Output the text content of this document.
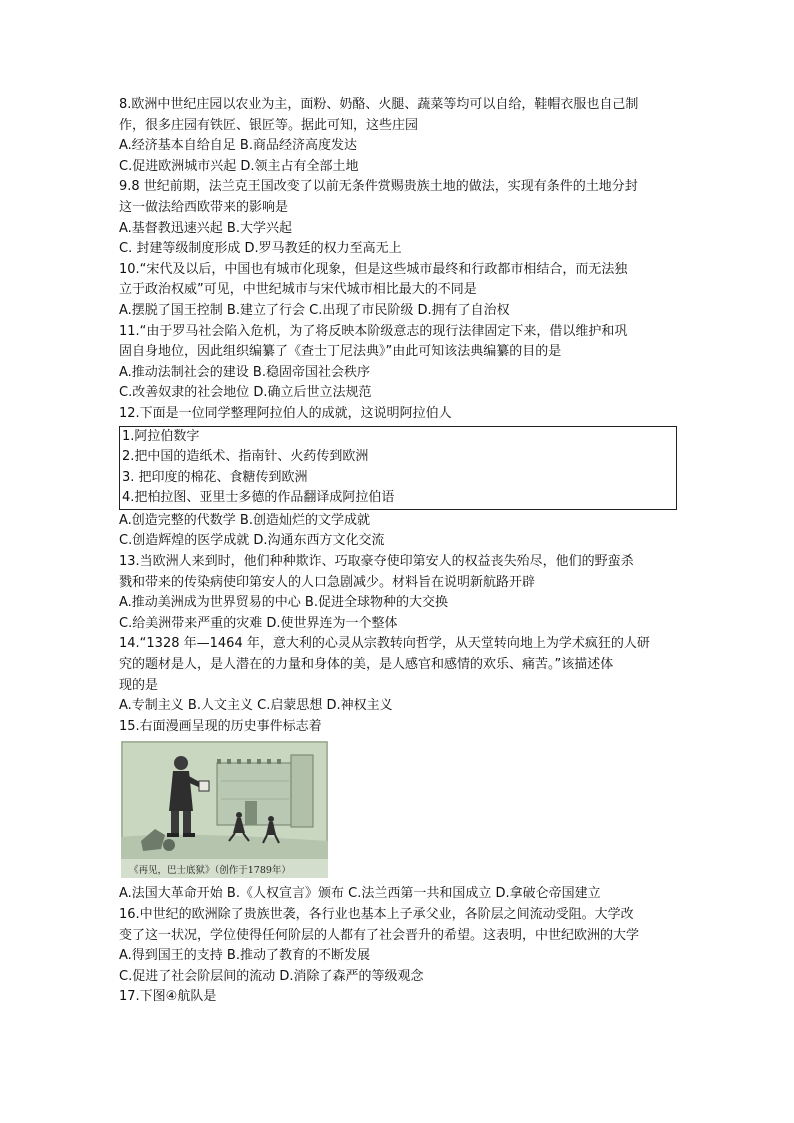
8.欧洲中世纪庄园以农业为主，面粉、奶酪、火腿、蔬菜等均可以自给，鞋帽衣服也自己制

作，很多庄园有铁匠、银匠等。据此可知，这些庄园

A.经济基本自给自足 B.商品经济高度发达

C.促进欧洲城市兴起 D.领主占有全部土地

9.8 世纪前期，法兰克王国改变了以前无条件赏赐贵族土地的做法，实现有条件的土地分封

这一做法给西欧带来的影响是

A.基督教迅速兴起 B.大学兴起

C. 封建等级制度形成 D.罗马教廷的权力至高无上

10.“宋代及以后，中国也有城市化现象，但是这些城市最终和行政都市相结合，而无法独

立于政治权威”可见，中世纪城市与宋代城市相比最大的不同是

A.摆脱了国王控制 B.建立了行会 C.出现了市民阶级 D.拥有了自治权

11.“由于罗马社会陷入危机，为了将反映本阶级意志的现行法律固定下来，借以维护和巩

固自身地位，因此组织编纂了《查士丁尼法典》”由此可知该法典编纂的目的是

A.推动法制社会的建设 B.稳固帝国社会秩序

C.改善奴隶的社会地位 D.确立后世立法规范

12.下面是一位同学整理阿拉伯人的成就，这说明阿拉伯人

1.阿拉伯数字

2.把中国的造纸术、指南针、火药传到欧洲

3. 把印度的棉花、食糖传到欧洲

4.把柏拉图、亚里士多德的作品翻译成阿拉伯语

A.创造完整的代数学 B.创造灿烂的文学成就

C.创造辉煌的医学成就 D.沟通东西方文化交流

13.当欧洲人来到时，他们种种欺诈、巧取豪夺使印第安人的权益丧失殆尽，他们的野蛮杀

戮和带来的传染病使印第安人的人口急剧减少。材料旨在说明新航路开辟

A.推动美洲成为世界贸易的中心 B.促进全球物种的大交换

C.给美洲带来严重的灾难 D.使世界连为一个整体

14.“1328 年—1464 年，意大利的心灵从宗教转向哲学，从天堂转向地上为学术疯狂的人研

究的题材是人，是人潜在的力量和身体的美，是人感官和感情的欢乐、痛苦。”该描述体

现的是

A.专制主义 B.人文主义 C.启蒙思想 D.神权主义

15.右面漫画呈现的历史事件标志着

《再见，巴士底狱》（创作于1789年）

A.法国大革命开始 B.《人权宣言》颁布 C.法兰西第一共和国成立 D.拿破仑帝国建立

16.中世纪的欧洲除了贵族世袭，各行业也基本上子承父业，各阶层之间流动受阻。大学改

变了这一状况，学位使得任何阶层的人都有了社会晋升的希望。这表明，中世纪欧洲的大学

A.得到国王的支持 B.推动了教育的不断发展

C.促进了社会阶层间的流动 D.消除了森严的等级观念

17.下图④航队是
